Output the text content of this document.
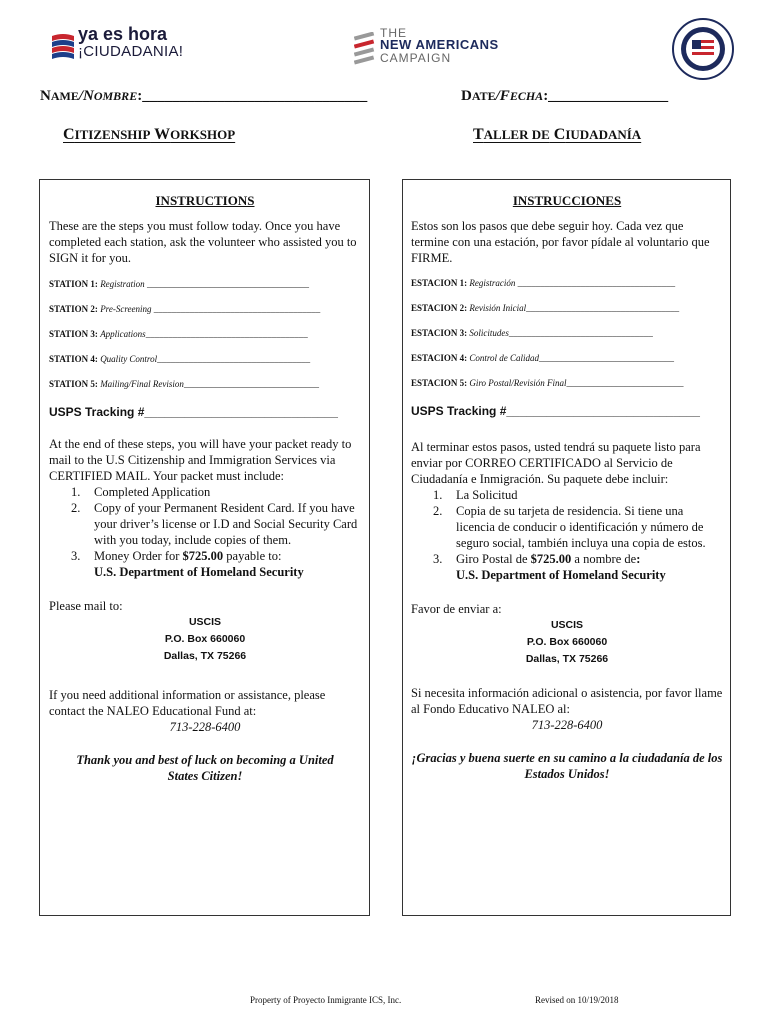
ya es hora
¡CIUDADANIA!
THE
NEW AMERICANS
CAMPAIGN
NAME/NOMBRE:______________________________	DATE/FECHA:________________
CITIZENSHIP WORKSHOP	TALLER DE CIUDADANÍA
INSTRUCTIONS
These are the steps you must follow today. Once you have completed each station, ask the volunteer who assisted you to SIGN it for you.
STATION 1: Registration ____________________________________
STATION 2: Pre-Screening _____________________________________
STATION 3: Applications____________________________________
STATION 4: Quality Control__________________________________
STATION 5: Mailing/Final Revision______________________________
USPS Tracking #_____________________________
At the end of these steps, you will have your packet ready to mail to the U.S Citizenship and Immigration Services via CERTIFIED MAIL. Your packet must include:
1. Completed Application
2. Copy of your Permanent Resident Card. If you have your driver’s license or I.D and Social Security Card with you today, include copies of them.
3. Money Order for $725.00 payable to:
U.S. Department of Homeland Security
Please mail to:
USCIS
P.O. Box 660060
Dallas, TX 75266
If you need additional information or assistance, please contact the NALEO Educational Fund at:
713-228-6400
Thank you and best of luck on becoming a United States Citizen!
INSTRUCCIONES
Estos son los pasos que debe seguir hoy. Cada vez que termine con una estación, por favor pídale al voluntario que FIRME.
ESTACION 1: Registración ___________________________________
ESTACION 2: Revisión Inicial__________________________________
ESTACION 3: Solicitudes________________________________
ESTACION 4: Control de Calidad______________________________
ESTACION 5: Giro Postal/Revisión Final__________________________
USPS Tracking #_____________________________
Al terminar estos pasos, usted tendrá su paquete listo para enviar por CORREO CERTIFICADO al Servicio de Ciudadanía e Inmigración. Su paquete debe incluir:
1. La Solicitud
2. Copia de su tarjeta de residencia. Si tiene una licencia de conducir o identificación y número de seguro social, también incluya una copia de estos.
3. Giro Postal de $725.00 a nombre de:
U.S. Department of Homeland Security
Favor de enviar a:
USCIS
P.O. Box 660060
Dallas, TX 75266
Si necesita información adicional o asistencia, por favor llame al Fondo Educativo NALEO al:
713-228-6400
¡Gracias y buena suerte en su camino a la ciudadanía de los Estados Unidos!
Property of Proyecto Inmigrante ICS, Inc.	Revised on 10/19/2018
